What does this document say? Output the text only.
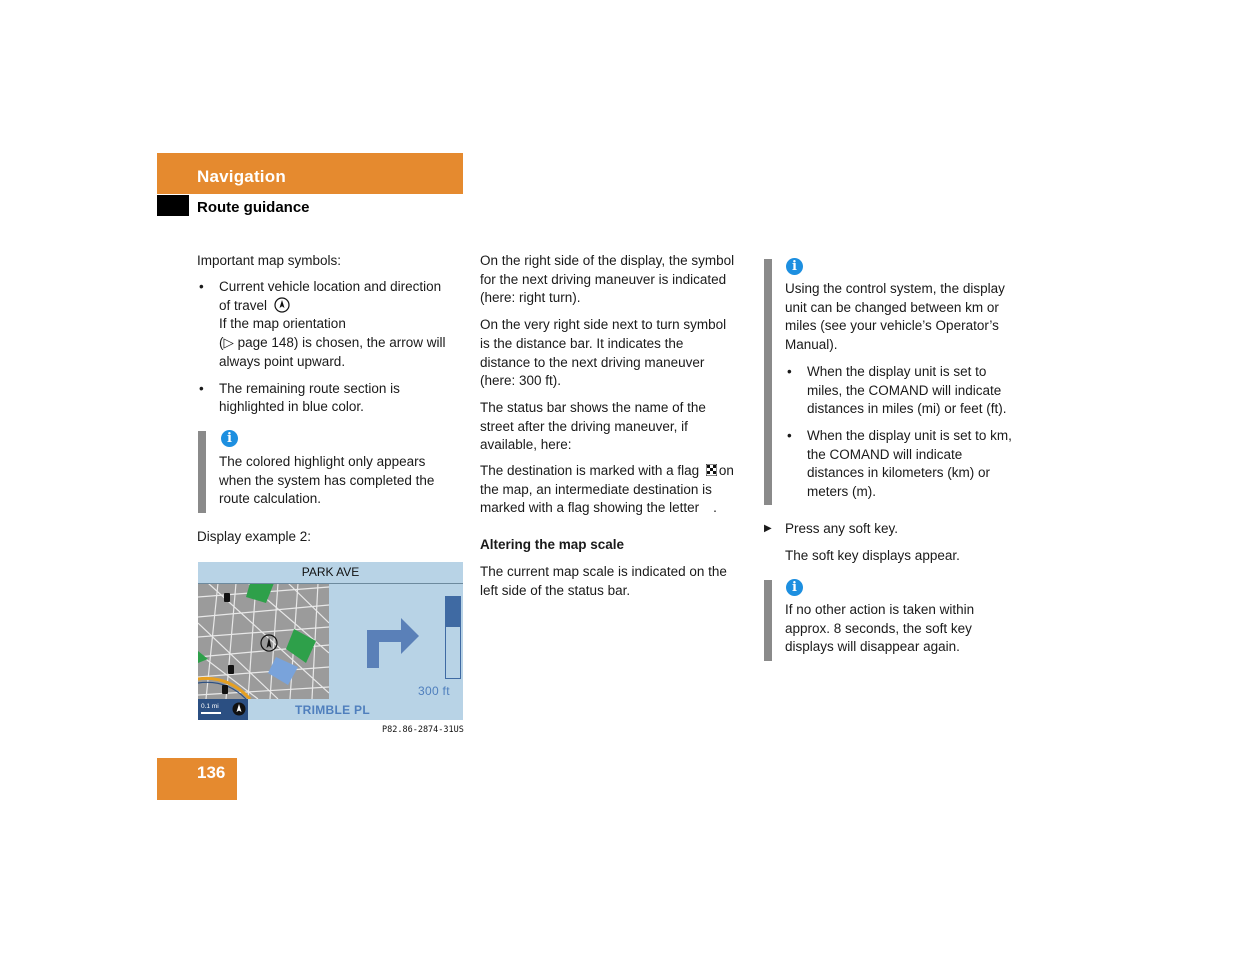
Navigation
Route guidance
Important map symbols:
• Current vehicle location and direction
of travel
If the map orientation
(▷ page 148) is chosen, the arrow will
always point upward.
• The remaining route section is
highlighted in blue color.
i
The colored highlight only appears
when the system has completed the
route calculation.
Display example 2:
PARK AVE
300 ft
0.1 mi	TRIMBLE PL
P82.86-2874-31US
On the right side of the display, the symbol
for the next driving maneuver is indicated
(here: right turn).
On the very right side next to turn symbol
is the distance bar. It indicates the
distance to the next driving maneuver
(here: 300 ft).
The status bar shows the name of the
street after the driving maneuver, if
available, here:
The destination is marked with a flag on
the map, an intermediate destination is
marked with a flag showing the letter .
Altering the map scale
The current map scale is indicated on the
left side of the status bar.
i
Using the control system, the display
unit can be changed between km or
miles (see your vehicle’s Operator’s
Manual).
• When the display unit is set to
miles, the COMAND will indicate
distances in miles (mi) or feet (ft).
• When the display unit is set to km,
the COMAND will indicate
distances in kilometers (km) or
meters (m).
▶ Press any soft key.
The soft key displays appear.
i
If no other action is taken within
approx. 8 seconds, the soft key
displays will disappear again.
136
